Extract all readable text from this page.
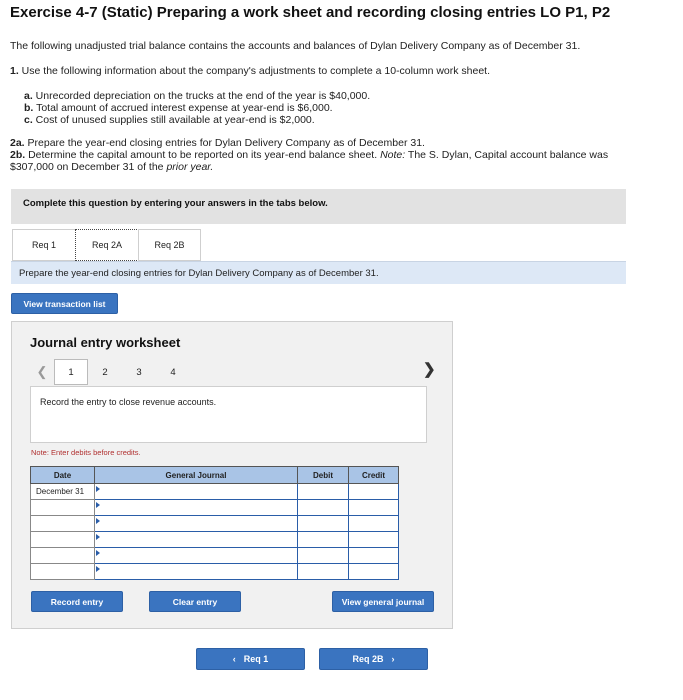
Exercise 4-7 (Static) Preparing a work sheet and recording closing entries LO P1, P2
The following unadjusted trial balance contains the accounts and balances of Dylan Delivery Company as of December 31.
1. Use the following information about the company's adjustments to complete a 10-column work sheet.
a. Unrecorded depreciation on the trucks at the end of the year is $40,000.
b. Total amount of accrued interest expense at year-end is $6,000.
c. Cost of unused supplies still available at year-end is $2,000.
2a. Prepare the year-end closing entries for Dylan Delivery Company as of December 31.
2b. Determine the capital amount to be reported on its year-end balance sheet. Note: The S. Dylan, Capital account balance was
$307,000 on December 31 of the prior year.
Complete this question by entering your answers in the tabs below.
Req 1	Req 2A	Req 2B
Prepare the year-end closing entries for Dylan Delivery Company as of December 31.
View transaction list
Journal entry worksheet
❮	1	2	3	4	❯
Record the entry to close revenue accounts.
Note: Enter debits before credits.
Date	General Journal	Debit	Credit
December 31	

Record entry	Clear entry	View general journal
‹ Req 1	Req 2B ›
